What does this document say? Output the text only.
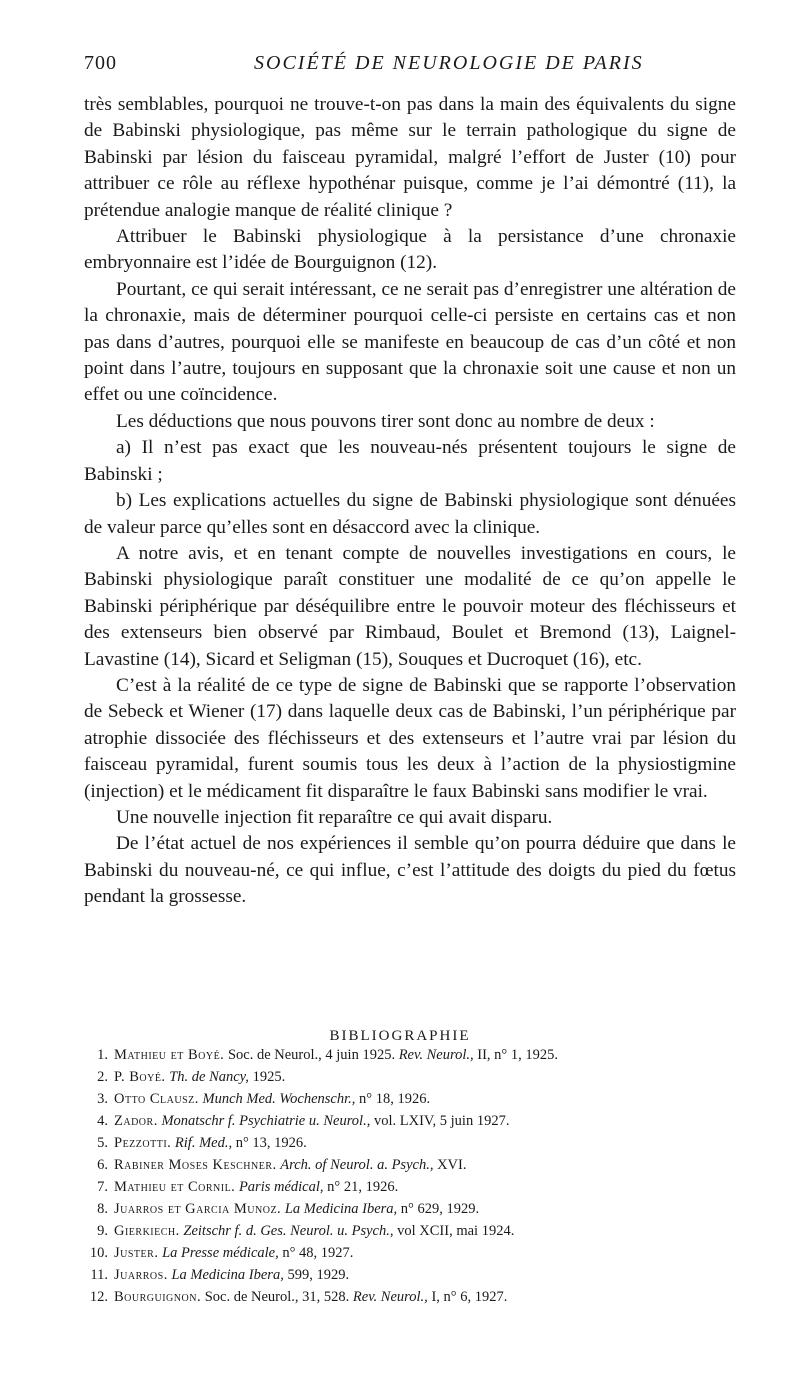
700	SOCIÉTÉ DE NEUROLOGIE DE PARIS

très semblables, pourquoi ne trouve-t-on pas dans la main des équivalents du signe de Babinski physiologique, pas même sur le terrain pathologique du signe de Babinski par lésion du faisceau pyramidal, malgré l’effort de Juster (10) pour attribuer ce rôle au réflexe hypothénar puisque, comme je l’ai démontré (11), la prétendue analogie manque de réalité clinique ?

Attribuer le Babinski physiologique à la persistance d’une chronaxie embryonnaire est l’idée de Bourguignon (12).

Pourtant, ce qui serait intéressant, ce ne serait pas d’enregistrer une altération de la chronaxie, mais de déterminer pourquoi celle-ci persiste en certains cas et non pas dans d’autres, pourquoi elle se manifeste en beaucoup de cas d’un côté et non point dans l’autre, toujours en supposant que la chronaxie soit une cause et non un effet ou une coïncidence.

Les déductions que nous pouvons tirer sont donc au nombre de deux :

a) Il n’est pas exact que les nouveau-nés présentent toujours le signe de Babinski ;

b) Les explications actuelles du signe de Babinski physiologique sont dénuées de valeur parce qu’elles sont en désaccord avec la clinique.

A notre avis, et en tenant compte de nouvelles investigations en cours, le Babinski physiologique paraît constituer une modalité de ce qu’on appelle le Babinski périphérique par déséquilibre entre le pouvoir moteur des fléchisseurs et des extenseurs bien observé par Rimbaud, Boulet et Bremond (13), Laignel-Lavastine (14), Sicard et Seligman (15), Souques et Ducroquet (16), etc.

C’est à la réalité de ce type de signe de Babinski que se rapporte l’observation de Sebeck et Wiener (17) dans laquelle deux cas de Babinski, l’un périphérique par atrophie dissociée des fléchisseurs et des extenseurs et l’autre vrai par lésion du faisceau pyramidal, furent soumis tous les deux à l’action de la physiostigmine (injection) et le médicament fit disparaître le faux Babinski sans modifier le vrai.

Une nouvelle injection fit reparaître ce qui avait disparu.

De l’état actuel de nos expériences il semble qu’on pourra déduire que dans le Babinski du nouveau-né, ce qui influe, c’est l’attitude des doigts du pied du fœtus pendant la grossesse.

BIBLIOGRAPHIE
1. Mathieu et Boyé. Soc. de Neurol., 4 juin 1925. Rev. Neurol., II, n° 1, 1925.
2. P. Boyé. Th. de Nancy, 1925.
3. Otto Clausz. Munch Med. Wochenschr., n° 18, 1926.
4. Zador. Monatschr f. Psychiatrie u. Neurol., vol. LXIV, 5 juin 1927.
5. Pezzotti. Rif. Med., n° 13, 1926.
6. Rabiner Moses Keschner. Arch. of Neurol. a. Psych., XVI.
7. Mathieu et Cornil. Paris médical, n° 21, 1926.
8. Juarros et Garcia Munoz. La Medicina Ibera, n° 629, 1929.
9. Gierkiech. Zeitschr f. d. Ges. Neurol. u. Psych., vol XCII, mai 1924.
10. Juster. La Presse médicale, n° 48, 1927.
11. Juarros. La Medicina Ibera, 599, 1929.
12. Bourguignon. Soc. de Neurol., 31, 528. Rev. Neurol., I, n° 6, 1927.
